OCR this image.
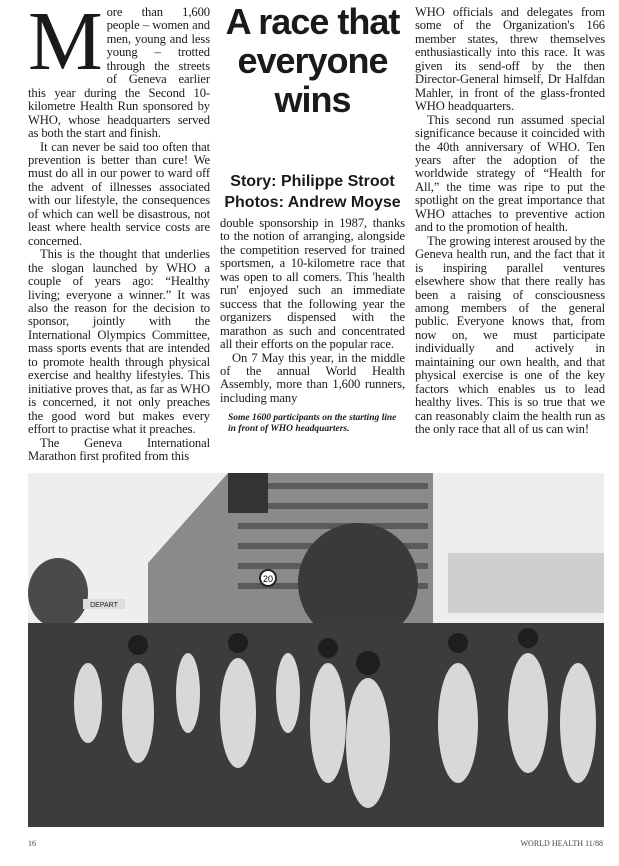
More than 1,600 people – women and men, young and less young – trotted through the streets of Geneva earlier this year during the Second 10-kilometre Health Run sponsored by WHO, whose headquarters served as both the start and finish.

It can never be said too often that prevention is better than cure! We must do all in our power to ward off the advent of illnesses associated with our lifestyle, the consequences of which can well be disastrous, not least where health service costs are concerned.

This is the thought that underlies the slogan launched by WHO a couple of years ago: “Healthy living; everyone a winner.” It was also the reason for the decision to sponsor, jointly with the International Olympics Committee, mass sports events that are intended to promote health through physical exercise and healthy lifestyles. This initiative proves that, as far as WHO is concerned, it not only preaches the good word but makes every effort to practise what it preaches.

The Geneva International Marathon first profited from this

A race that everyone wins
Story: Philippe Stroot
Photos: Andrew Moyse

double sponsorship in 1987, thanks to the notion of arranging, alongside the competition reserved for trained sportsmen, a 10-kilometre race that was open to all comers. This 'health run' enjoyed such an immediate success that the following year the organizers dispensed with the marathon as such and concentrated all their efforts on the popular race.

On 7 May this year, in the middle of the annual World Health Assembly, more than 1,600 runners, including many

Some 1600 participants on the starting line in front of WHO headquarters.

WHO officials and delegates from some of the Organization's 166 member states, threw themselves enthusiastically into this race. It was given its send-off by the then Director-General himself, Dr Halfdan Mahler, in front of the glass-fronted WHO headquarters.

This second run assumed special significance because it coincided with the 40th anniversary of WHO. Ten years after the adoption of the worldwide strategy of “Health for All,” the time was ripe to put the spotlight on the great importance that WHO attaches to preventive action and to the promotion of health.

The growing interest aroused by the Geneva health run, and the fact that it is inspiring parallel ventures elsewhere show that there really has been a raising of consciousness among members of the general public. Everyone knows that, from now on, we must participate individually and actively in maintaining our own health, and that physical exercise is one of the key factors which enables us to lead healthy lives. This is so true that we can reasonably claim the health run as the only race that all of us can win!

20
DEPART
16	WORLD HEALTH 11/88
